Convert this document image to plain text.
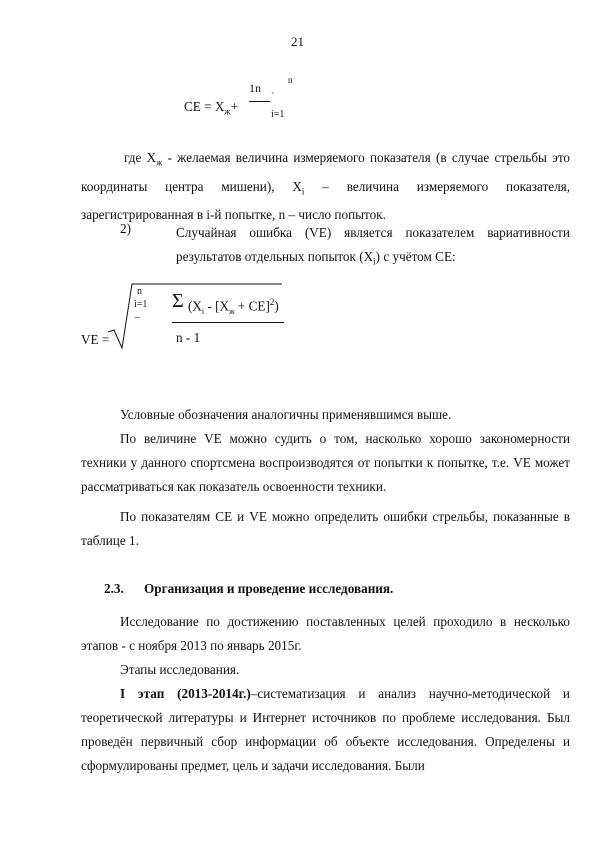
21
CE = $X_ж+$
1n
n
`
i=1

где $X_ж$ - желаемая величина измеряемого показателя (в случае стрельбы это координаты центра мишени), $X_i$ – величина измеряемого показателя, зарегистрированная в i-й попытке, n – число попыток.

2)	Случайная ошибка (VE) является показателем вариативности результатов отдельных попыток $(X_i)$ с учётом CE:

VE =
n
i=1
–
Σ $(X_i - [X_ж + CE]^2)$
n - 1

Условные обозначения аналогичны применявшимся выше.

По величине VE можно судить о том, насколько хорошо закономерности техники у данного спортсмена воспроизводятся от попытки к попытке, т.е. VE может рассматриваться как показатель освоенности техники.

По показателям CE и VE можно определить ошибки стрельбы, показанные в таблице 1.

2.3. Организация и проведение исследования.

Исследование по достижению поставленных целей проходило в несколько этапов - с ноября 2013 по январь 2015г.

Этапы исследования.

I этап (2013-2014г.)–систематизация и анализ научно-методической и теоретической литературы и Интернет источников по проблеме исследования. Был проведён первичный сбор информации об объекте исследования. Определены и сформулированы предмет, цель и задачи исследования. Были
